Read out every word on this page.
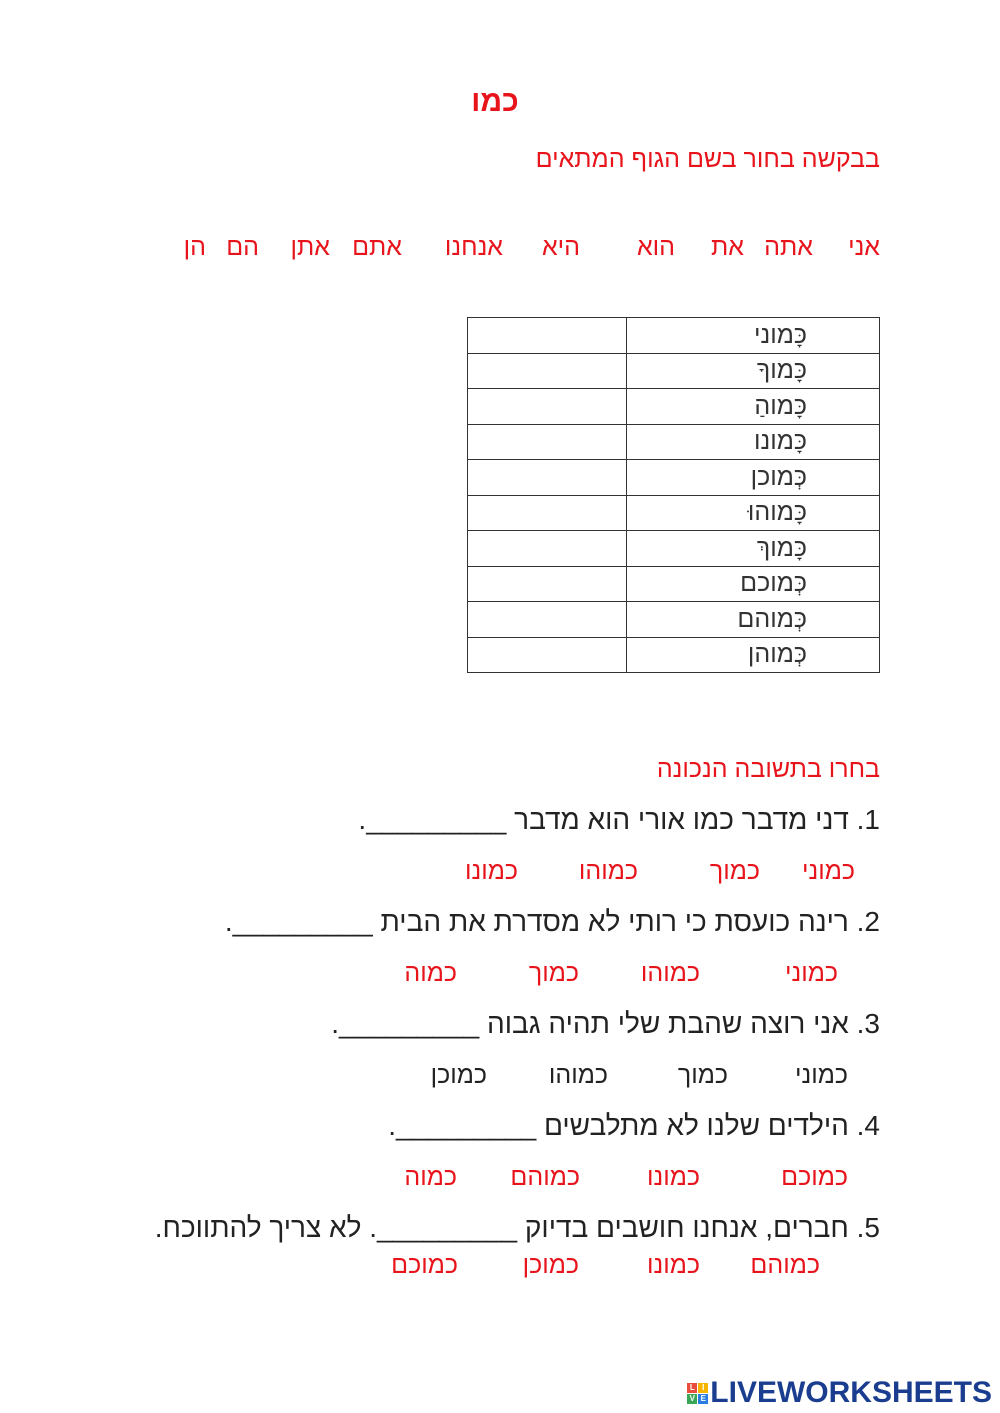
כמו
בבקשה בחור בשם הגוף המתאים
אני
אתה
את
הוא
היא
אנחנו
אתם
אתן
הם
הן
כָּמוני	
כָּמוךָ	
כָּמוהַ	
כָּמונו	
כְּמוכן	
כָּמוהוּ	
כָּמוךְ	
כְּמוכם	
כְּמוהם	
כְּמוהן	
בחרו בתשובה הנכונה
1. דני מדבר כמו אורי הוא מדבר _________.
כמוני
כמוך
כמוהו
כמונו
2. רינה כועסת כי רותי לא מסדרת את הבית _________.
כמוני
כמוהו
כמוך
כמוה
3. אני רוצה שהבת שלי תהיה גבוה _________.
כמוני
כמוך
כמוהו
כמוכן
4. הילדים שלנו לא מתלבשים _________.
כמוכם
כמונו
כמוהם
כמוה
5. חברים, אנחנו חושבים בדיוק _________. לא צריך להתווכח.
כמוהם
כמונו
כמוכן
כמוכם
L I
V E LIVEWORKSHEETS
